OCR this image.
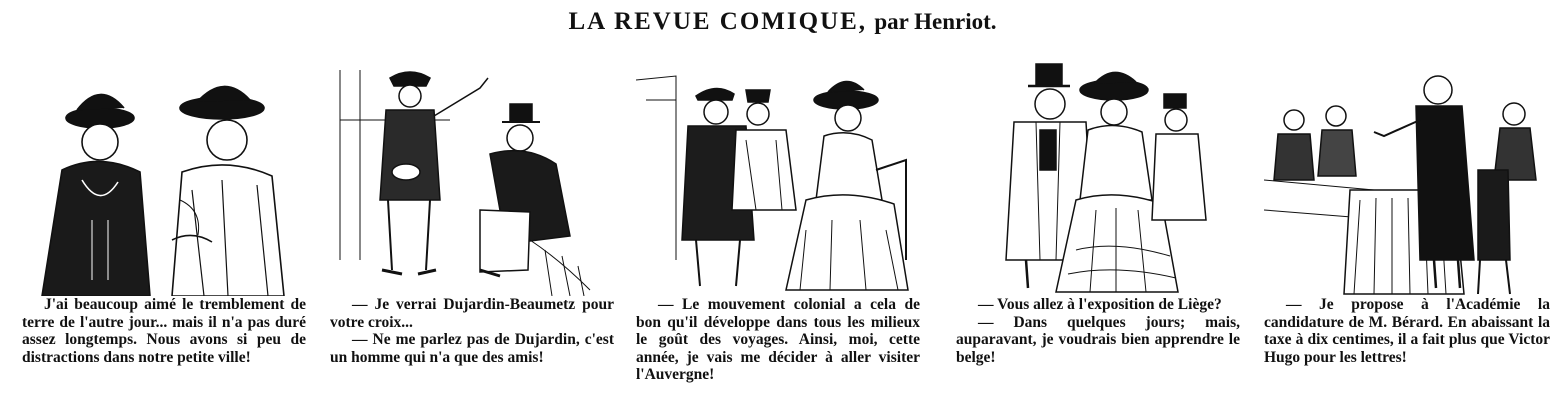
LA REVUE COMIQUE, par Henriot.

J'ai beaucoup aimé le tremblement de terre de l'autre jour... mais il n'a pas duré assez longtemps. Nous avons si peu de distractions dans notre petite ville!

— Je verrai Dujardin-Beaumetz pour votre croix...

— Ne me parlez pas de Dujardin, c'est un homme qui n'a que des amis!

— Le mouvement colonial a cela de bon qu'il développe dans tous les milieux le goût des voyages. Ainsi, moi, cette année, je vais me décider à aller visiter l'Auvergne!

— Vous allez à l'exposition de Liège?

— Dans quelques jours; mais, auparavant, je voudrais bien apprendre le belge!

— Je propose à l'Académie la candidature de M. Bérard. En abaissant la taxe à dix centimes, il a fait plus que Victor Hugo pour les lettres!
